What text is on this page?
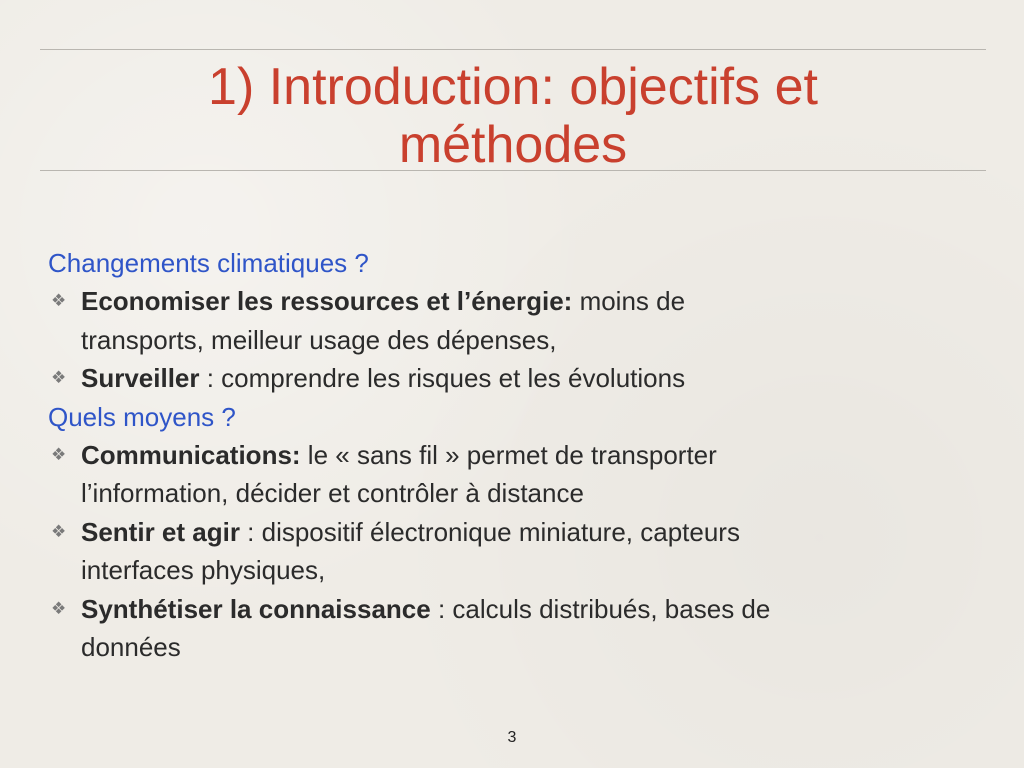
1) Introduction: objectifs et
méthodes

Changements climatiques ?

❖ Economiser les ressources et l’énergie: moins de
transports, meilleur usage des dépenses,
❖ Surveiller : comprendre les risques et les évolutions

Quels moyens ?

❖ Communications: le « sans fil » permet de transporter
l’information, décider et contrôler à distance
❖ Sentir et agir : dispositif électronique miniature, capteurs
interfaces physiques,
❖ Synthétiser la connaissance : calculs distribués, bases de
données
3
